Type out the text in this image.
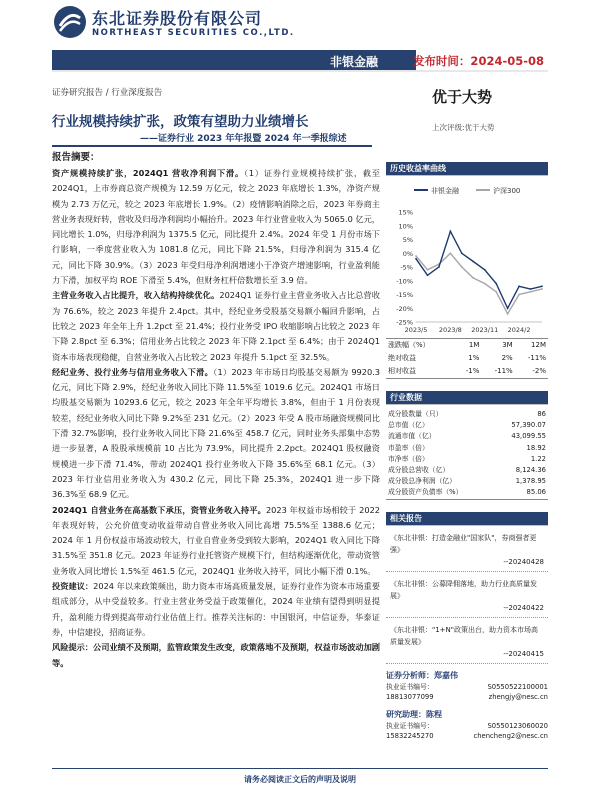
东北证券股份有限公司
NORTHEAST SECURITIES CO.,LTD.
非银金融	发布时间：2024-05-08
证券研究报告 / 行业深度报告	优于大势
行业规模持续扩张，政策有望助力业绩增长
——证券行业 2023 年年报暨 2024 年一季报综述
上次评级:优于大势
报告摘要：

资产规模持续扩张，2024Q1 营收净利润下滑。（1）证券行业规模持续扩张，截至 2024Q1，上市券商总资产规模为 12.59 万亿元，较之 2023 年底增长 1.3%，净资产规模为 2.73 万亿元，较之 2023 年底增长 1.9%。（2）疫情影响消除之后，2023 年券商主营业务表现好转，营收及归母净利润均小幅抬升。2023 年行业营业收入为 5065.0 亿元，同比增长 1.0%，归母净利润为 1375.5 亿元，同比提升 2.4%。2024 年受 1 月份市场下行影响，一季度营业收入为 1081.8 亿元，同比下降 21.5%，归母净利润为 315.4 亿元，同比下降 30.9%。（3）2023 年受归母净利润增速小于净资产增速影响，行业盈利能力下滑，加权平均 ROE 下滑至 5.4%，但财务杠杆倍数增长至 3.9 倍。

主营业务收入占比提升，收入结构持续优化。2024Q1 证券行业主营业务收入占比总营收为 76.6%，较之 2023 年提升 2.4pct。其中，经纪业务受股基交易额小幅回升影响，占比较之 2023 年全年上升 1.2pct 至 21.4%；投行业务受 IPO 收缩影响占比较之 2023 年下降 2.8pct 至 6.3%；信用业务占比较之 2023 年下降 2.1pct 至 6.4%；由于 2024Q1 资本市场表现稳健，自营业务收入占比较之 2023 年提升 5.1pct 至 32.5%。

经纪业务、投行业务与信用业务收入下滑。（1）2023 年市场日均股基交易额为 9920.3 亿元，同比下降 2.9%，经纪业务收入同比下降 11.5%至 1019.6 亿元。2024Q1 市场日均股基交易额为 10293.6 亿元，较之 2023 年全年平均增长 3.8%，但由于 1 月份表现较差，经纪业务收入同比下降 9.2%至 231 亿元。（2）2023 年受 A 股市场融资规模同比下滑 32.7%影响，投行业务收入同比下降 21.6%至 458.7 亿元，同时业务头部集中态势进一步显著，A 股股承规模前 10 占比为 73.9%，同比提升 2.2pct。2024Q1 股权融资规模进一步下滑 71.4%，带动 2024Q1 投行业务收入下降 35.6%至 68.1 亿元。（3）2023 年行业信用业务收入为 430.2 亿元，同比下降 25.3%，2024Q1 进一步下降 36.3%至 68.9 亿元。

2024Q1 自营业务在高基数下承压，资管业务收入持平。2023 年权益市场相较于 2022 年表现好转，公允价值变动收益带动自营业务收入同比高增 75.5%至 1388.6 亿元；2024 年 1 月份权益市场波动较大，行业自营业务受到较大影响，2024Q1 收入同比下降 31.5%至 351.8 亿元。2023 年证券行业托管资产规模下行，但结构逐渐优化，带动资管业务收入同比增长 1.5%至 461.5 亿元，2024Q1 业务收入持平，同比小幅下滑 0.1%。

投资建议：2024 年以来政策频出，助力资本市场高质量发展，证券行业作为资本市场重要组成部分，从中受益较多。行业主营业务受益于政策催化，2024 年业绩有望得到明显提升，盈利能力得到提高带动行业估值上行。推荐关注标的：中国银河，中信证券，华泰证券，中信建投，招商证券。

风险提示：公司业绩不及预期，监管政策发生改变，政策落地不及预期，权益市场波动加剧等。

历史收益率曲线
非银金融	沪深300
15%
10%
5%
0%
-5%
-10%
-15%
-20%
-25%
2023/5 2023/8 2023/11 2024/2
涨跌幅（%）	1M	3M	12M
绝对收益	1%	2%	-11%
相对收益	-1%	-11%	-2%
行业数据
成分股数量（只）	86
总市值（亿）	57,390.07
流通市值（亿）	43,099.55
市盈率（倍）	18.92
市净率（倍）	1.22
成分股总营收（亿）	8,124.36
成分股总净利润（亿）	1,378.95
成分股资产负债率（%）	85.06
相关报告
《东北非银：打造金融业"国家队"，券商强者更强》
--20240428
《东北非银：公募降佣落地，助力行业高质量发展》
--20240422
《东北非银："1+N"政策出台，助力资本市场高质量发展》
--20240415
证券分析师：郑嘉伟
执业证书编号：	S0550522100001
18813077099	zhengjy@nesc.cn
研究助理：陈程
执业证书编号：	S0550123060020
15832245270	chencheng2@nesc.cn
请务必阅读正文后的声明及说明
